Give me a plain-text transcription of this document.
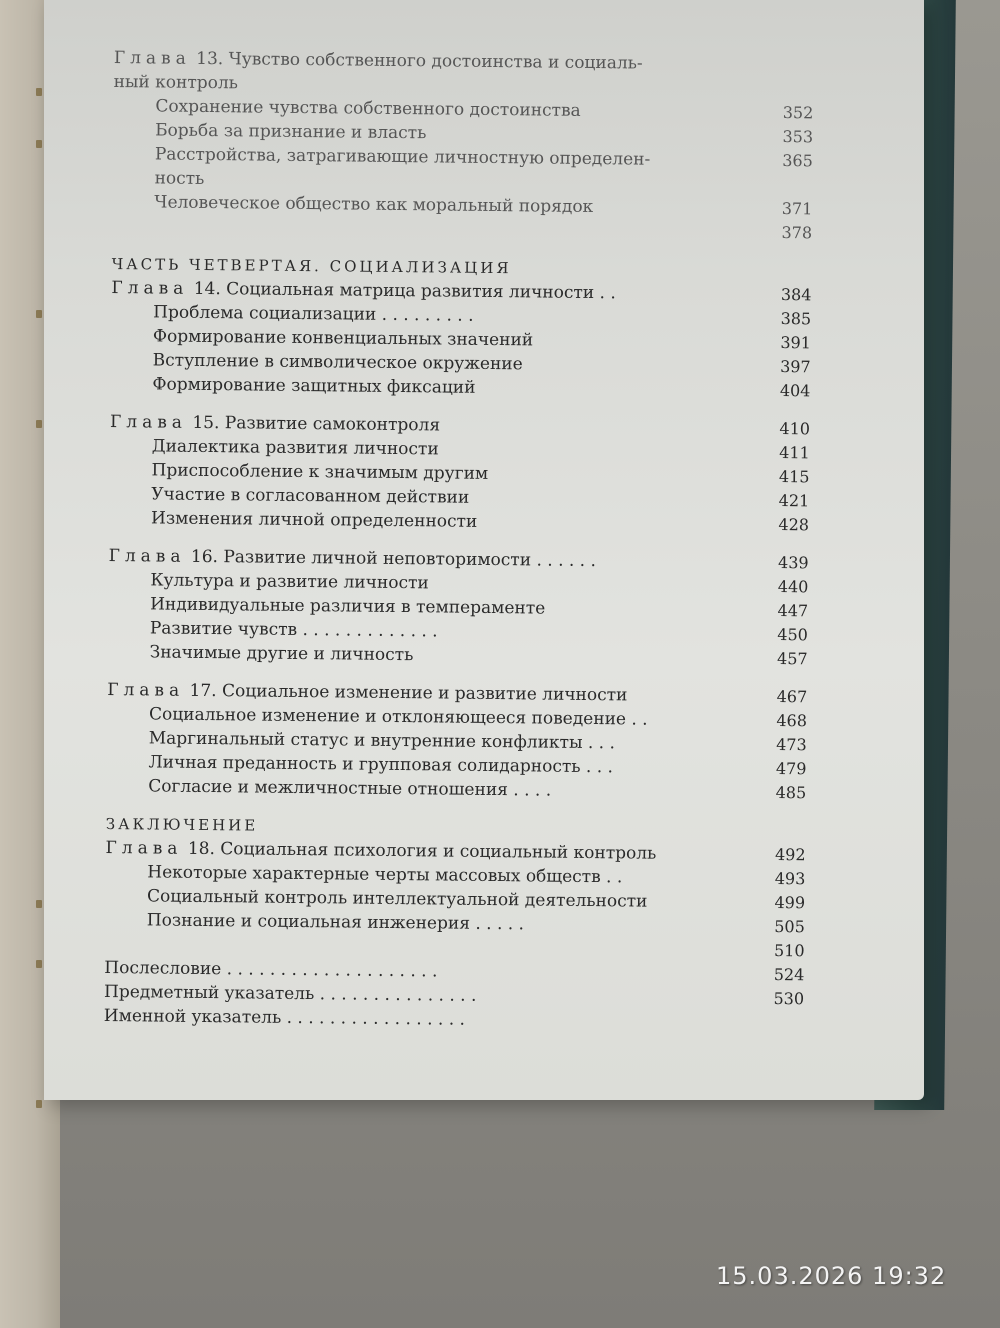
Глава 13. Чувство собственного достоинства и социаль-
ный контроль
Сохранение чувства собственного достоинства	352
Борьба за признание и власть	353
Расстройства, затрагивающие личностную определен-	365
ность
Человеческое общество как моральный порядок	371
378
ЧАСТЬ ЧЕТВЕРТАЯ. СОЦИАЛИЗАЦИЯ
Глава 14. Социальная матрица развития личности . .	384
Проблема социализации . . . . . . . . .	385
Формирование конвенциальных значений	391
Вступление в символическое окружение	397
Формирование защитных фиксаций	404
Глава 15. Развитие самоконтроля	410
Диалектика развития личности	411
Приспособление к значимым другим	415
Участие в согласованном действии	421
Изменения личной определенности	428
Глава 16. Развитие личной неповторимости . . . . . .	439
Культура и развитие личности	440
Индивидуальные различия в темпераменте	447
Развитие чувств . . . . . . . . . . . . .	450
Значимые другие и личность	457
Глава 17. Социальное изменение и развитие личности	467
Социальное изменение и отклоняющееся поведение . .	468
Маргинальный статус и внутренние конфликты . . .	473
Личная преданность и групповая солидарность . . .	479
Согласие и межличностные отношения . . . .	485
ЗАКЛЮЧЕНИЕ
Глава 18. Социальная психология и социальный контроль	492
Некоторые характерные черты массовых обществ . .	493
Социальный контроль интеллектуальной деятельности	499
Познание и социальная инженерия . . . . .	505
510
Послесловие . . . . . . . . . . . . . . . . . . . .	524
Предметный указатель . . . . . . . . . . . . . . .	530
Именной указатель . . . . . . . . . . . . . . . . .
15.03.2026 19:32
